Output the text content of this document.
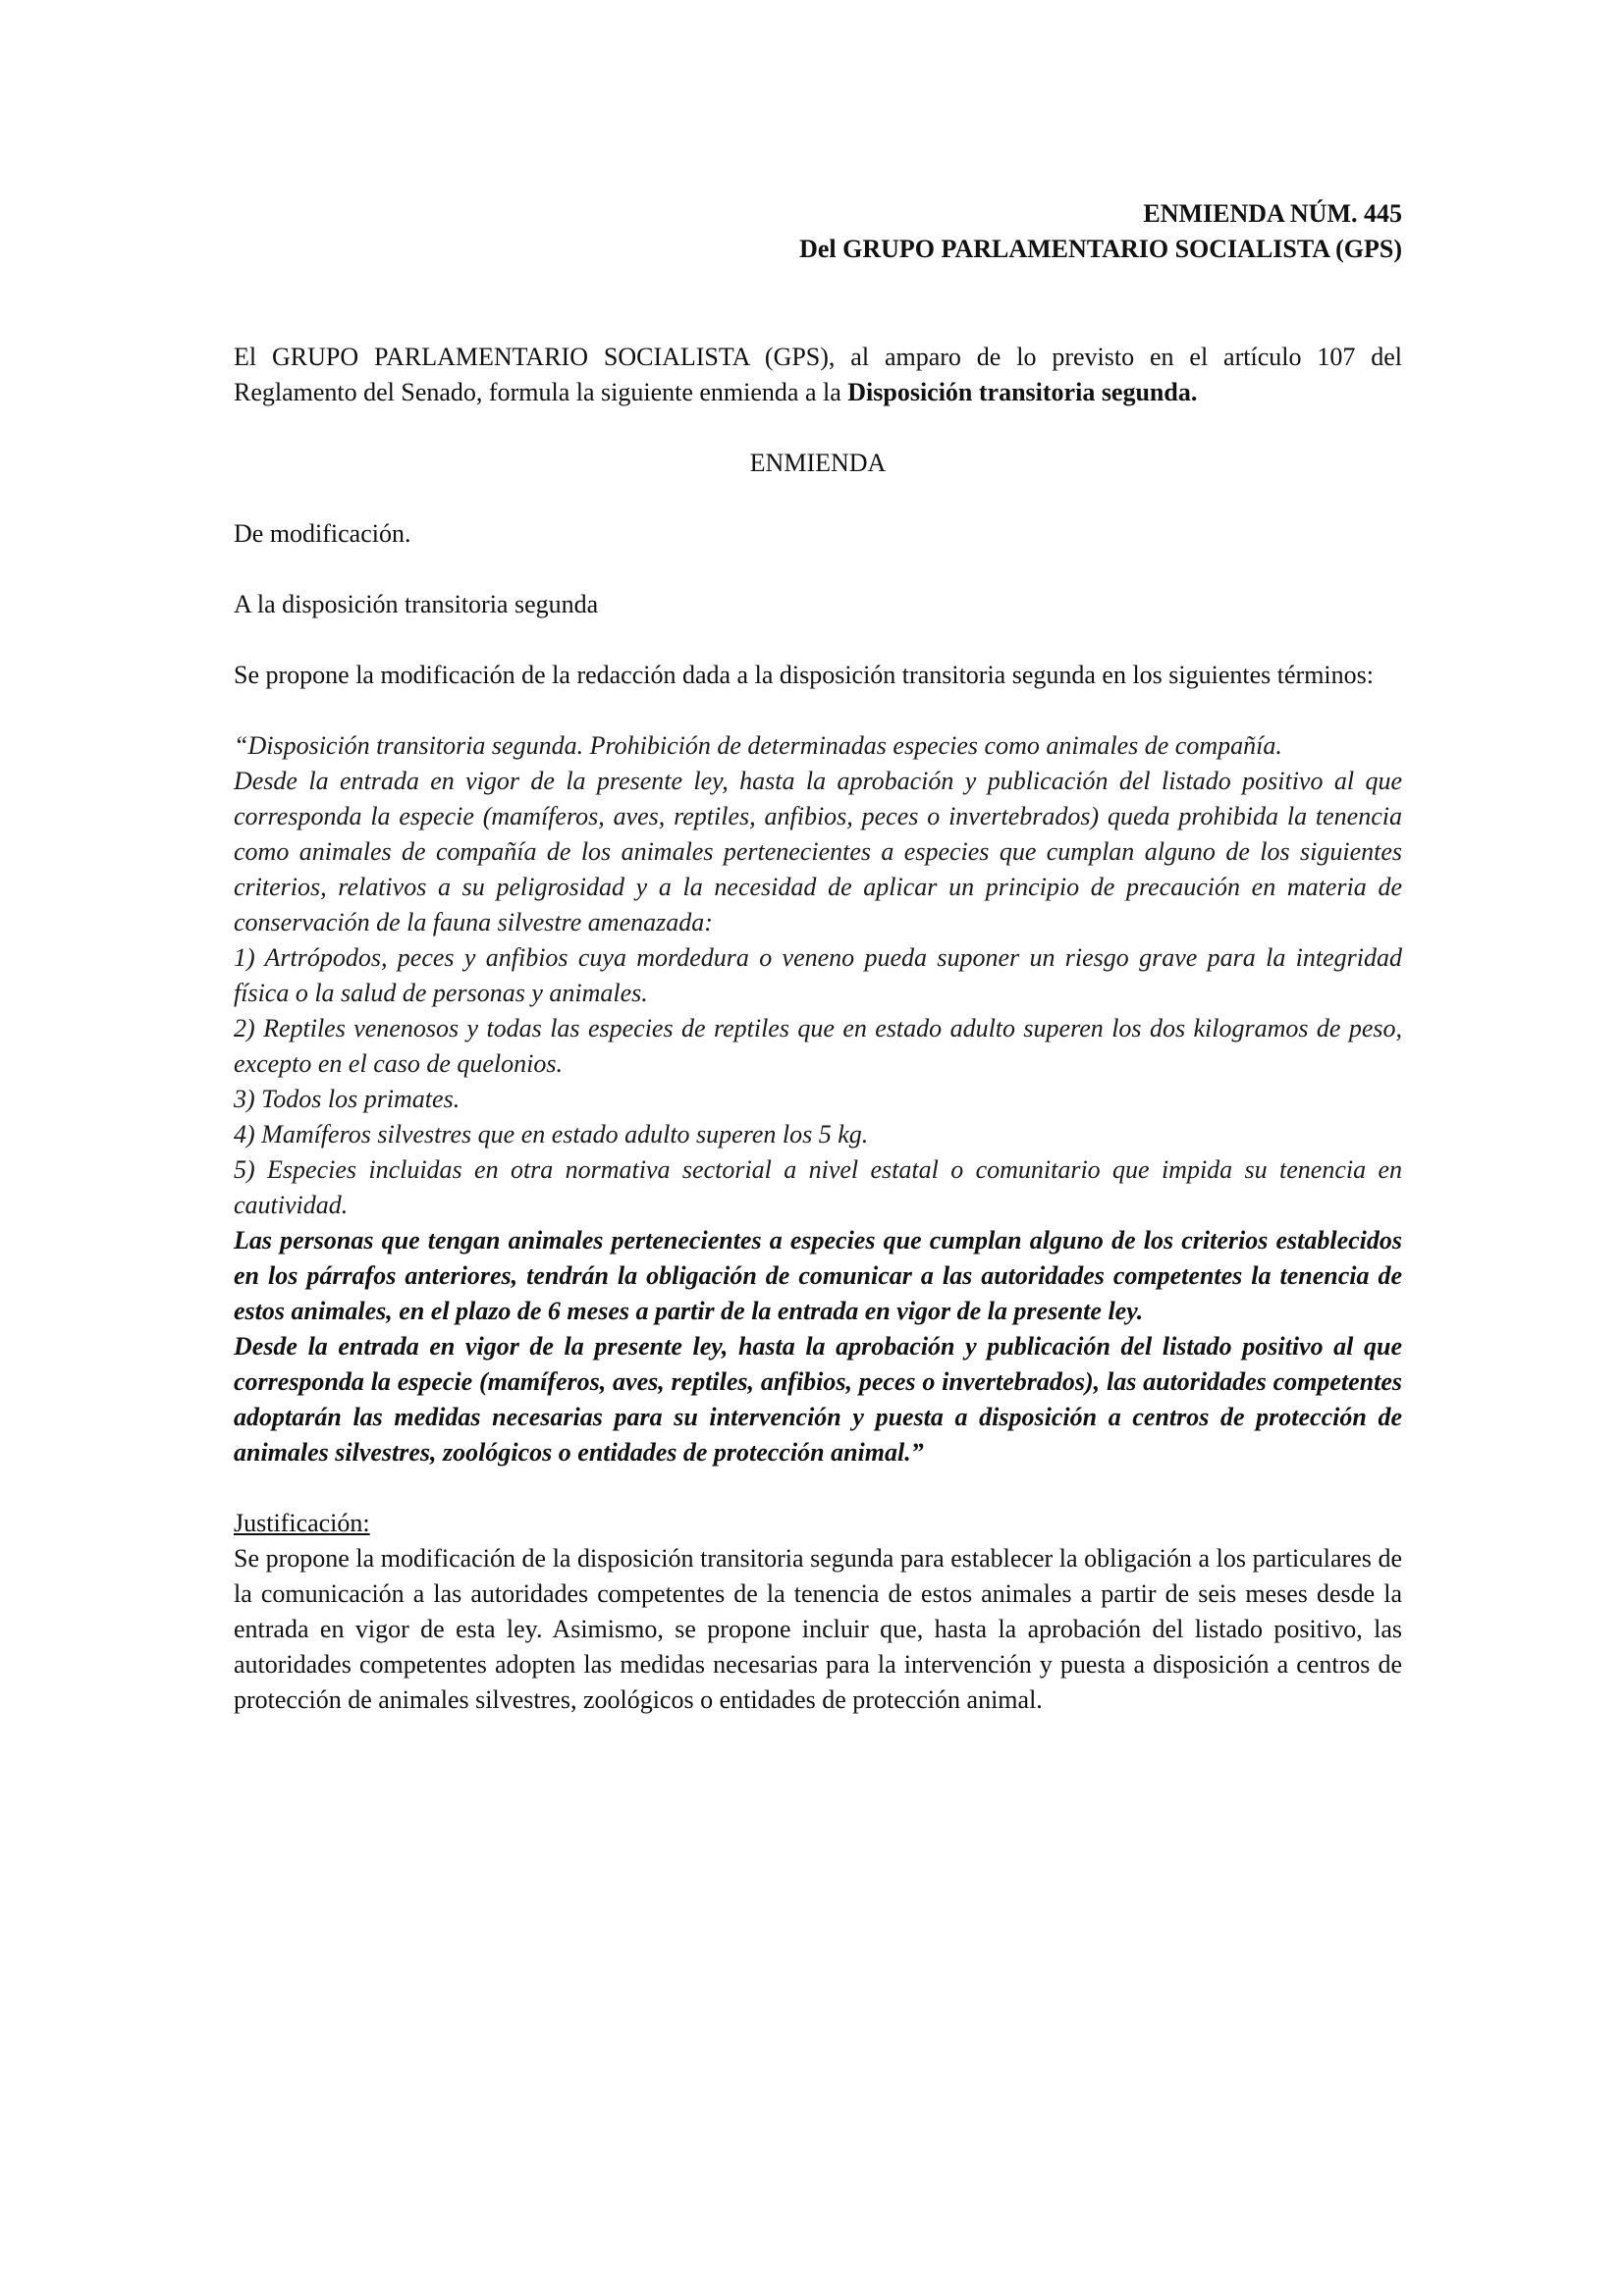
ENMIENDA NÚM. 445
Del GRUPO PARLAMENTARIO SOCIALISTA (GPS)

El GRUPO PARLAMENTARIO SOCIALISTA (GPS), al amparo de lo previsto en el artículo 107 del Reglamento del Senado, formula la siguiente enmienda a la Disposición transitoria segunda.

ENMIENDA

De modificación.

A la disposición transitoria segunda

Se propone la modificación de la redacción dada a la disposición transitoria segunda en los siguientes términos:

“Disposición transitoria segunda. Prohibición de determinadas especies como animales de compañía.

Desde la entrada en vigor de la presente ley, hasta la aprobación y publicación del listado positivo al que corresponda la especie (mamíferos, aves, reptiles, anfibios, peces o invertebrados) queda prohibida la tenencia como animales de compañía de los animales pertenecientes a especies que cumplan alguno de los siguientes criterios, relativos a su peligrosidad y a la necesidad de aplicar un principio de precaución en materia de conservación de la fauna silvestre amenazada:

1) Artrópodos, peces y anfibios cuya mordedura o veneno pueda suponer un riesgo grave para la integridad física o la salud de personas y animales.

2) Reptiles venenosos y todas las especies de reptiles que en estado adulto superen los dos kilogramos de peso, excepto en el caso de quelonios.

3) Todos los primates.

4) Mamíferos silvestres que en estado adulto superen los 5 kg.

5) Especies incluidas en otra normativa sectorial a nivel estatal o comunitario que impida su tenencia en cautividad.

Las personas que tengan animales pertenecientes a especies que cumplan alguno de los criterios establecidos en los párrafos anteriores, tendrán la obligación de comunicar a las autoridades competentes la tenencia de estos animales, en el plazo de 6 meses a partir de la entrada en vigor de la presente ley.

Desde la entrada en vigor de la presente ley, hasta la aprobación y publicación del listado positivo al que corresponda la especie (mamíferos, aves, reptiles, anfibios, peces o invertebrados), las autoridades competentes adoptarán las medidas necesarias para su intervención y puesta a disposición a centros de protección de animales silvestres, zoológicos o entidades de protección animal.”

Justificación:

Se propone la modificación de la disposición transitoria segunda para establecer la obligación a los particulares de la comunicación a las autoridades competentes de la tenencia de estos animales a partir de seis meses desde la entrada en vigor de esta ley. Asimismo, se propone incluir que, hasta la aprobación del listado positivo, las autoridades competentes adopten las medidas necesarias para la intervención y puesta a disposición a centros de protección de animales silvestres, zoológicos o entidades de protección animal.
